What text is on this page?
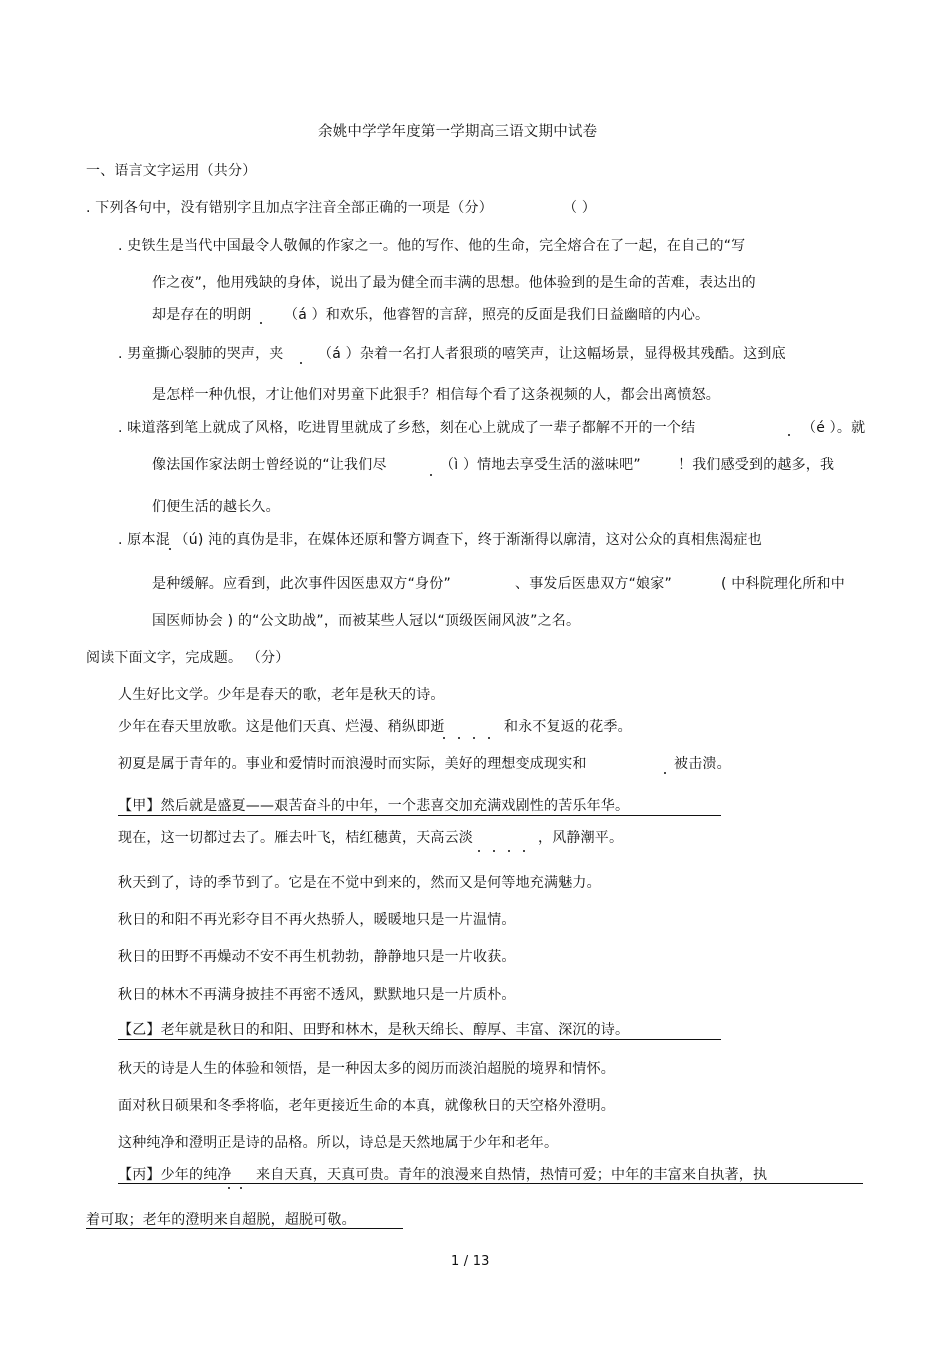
余姚中学学年度第一学期高三语文期中试卷
一、语言文字运用（共分）
. 下列各句中，没有错别字且加点字注音全部正确的一项是（分）	（ ）
. 史铁生是当代中国最令人敬佩的作家之一。他的写作、他的生命，完全熔合在了一起，在自己的“写
作之夜”，他用残缺的身体，说出了最为健全而丰满的思想。他体验到的是生命的苦难，表达出的
却是存在的明朗 （á ）和欢乐，他睿智的言辞，照亮的反面是我们日益幽暗的内心。
. 男童撕心裂肺的哭声，夹 （á ）杂着一名打人者狠琐的嘻笑声，让这幅场景，显得极其残酷。这到底
是怎样一种仇恨，才让他们对男童下此狠手？相信每个看了这条视频的人，都会出离愤怒。
. 味道落到笔上就成了风格，吃进胃里就成了乡愁，刻在心上就成了一辈子都解不开的一个结	（é ）。就
像法国作家法朗士曾经说的“让我们尽	（ì ）情地去享受生活的滋味吧”	！我们感受到的越多，我
们便生活的越长久。
. 原本混 （ú) 沌的真伪是非，在媒体还原和警方调查下，终于渐渐得以廓清，这对公众的真相焦渴症也
是种缓解。应看到，此次事件因医患双方“身份”	、事发后医患双方“娘家”	( 中科院理化所和中
国医师协会 ) 的“公文助战”，而被某些人冠以“顶级医闹风波”之名。
阅读下面文字，完成题。 （分）
人生好比文学。少年是春天的歌，老年是秋天的诗。
少年在春天里放歌。这是他们天真、烂漫、稍纵即逝	和永不复返的花季。
初夏是属于青年的。事业和爱情时而浪漫时而实际，美好的理想变成现实和	被击溃。
【甲】然后就是盛夏——艰苦奋斗的中年，一个悲喜交加充满戏剧性的苦乐年华。
现在，这一切都过去了。雁去叶飞，桔红穗黄，天高云淡	，风静潮平。
秋天到了，诗的季节到了。它是在不觉中到来的，然而又是何等地充满魅力。
秋日的和阳不再光彩夺目不再火热骄人，暖暖地只是一片温情。
秋日的田野不再燥动不安不再生机勃勃，静静地只是一片收获。
秋日的林木不再满身披挂不再密不透风，默默地只是一片质朴。
【乙】老年就是秋日的和阳、田野和林木，是秋天绵长、醇厚、丰富、深沉的诗。
秋天的诗是人生的体验和领悟，是一种因太多的阅历而淡泊超脱的境界和情怀。
面对秋日硕果和冬季将临，老年更接近生命的本真，就像秋日的天空格外澄明。
这种纯净和澄明正是诗的品格。所以，诗总是天然地属于少年和老年。
【丙】少年的纯净 来自天真，天真可贵。青年的浪漫来自热情，热情可爱；中年的丰富来自执著，执
着可取；老年的澄明来自超脱，超脱可敬。
1 / 13
